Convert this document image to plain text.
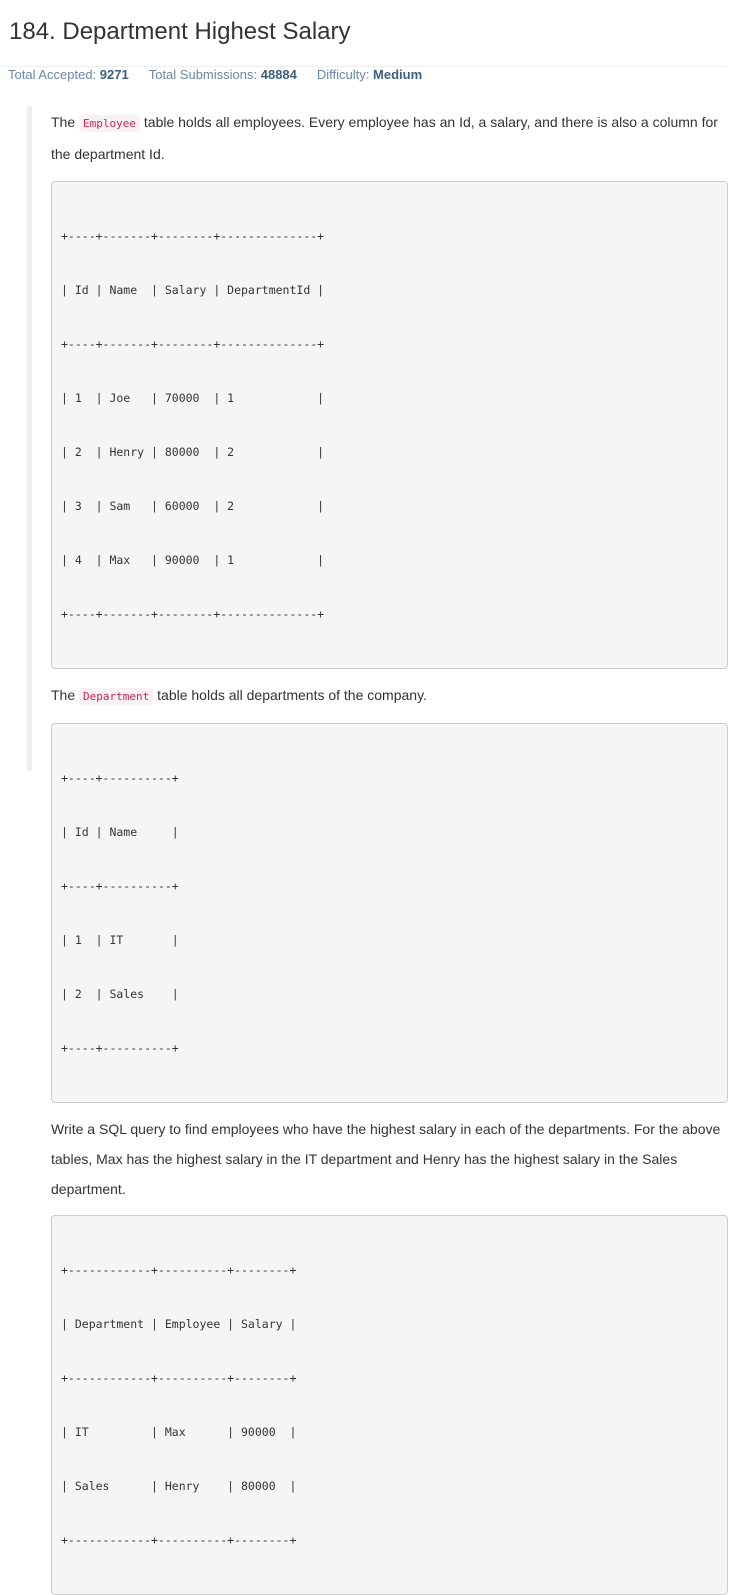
184. Department Highest Salary
Total Accepted: 9271 Total Submissions: 48884 Difficulty: Medium

The Employee table holds all employees. Every employee has an Id, a salary, and there is also a column for the department Id.

+----+-------+--------+--------------+

| Id | Name  | Salary | DepartmentId |

+----+-------+--------+--------------+

| 1  | Joe   | 70000  | 1            |

| 2  | Henry | 80000  | 2            |

| 3  | Sam   | 60000  | 2            |

| 4  | Max   | 90000  | 1            |

+----+-------+--------+--------------+

The Department table holds all departments of the company.

+----+----------+

| Id | Name     |

+----+----------+

| 1  | IT       |

| 2  | Sales    |

+----+----------+

Write a SQL query to find employees who have the highest salary in each of the departments. For the above tables, Max has the highest salary in the IT department and Henry has the highest salary in the Sales department.

+------------+----------+--------+

| Department | Employee | Salary |

+------------+----------+--------+

| IT         | Max      | 90000  |

| Sales      | Henry    | 80000  |

+------------+----------+--------+
